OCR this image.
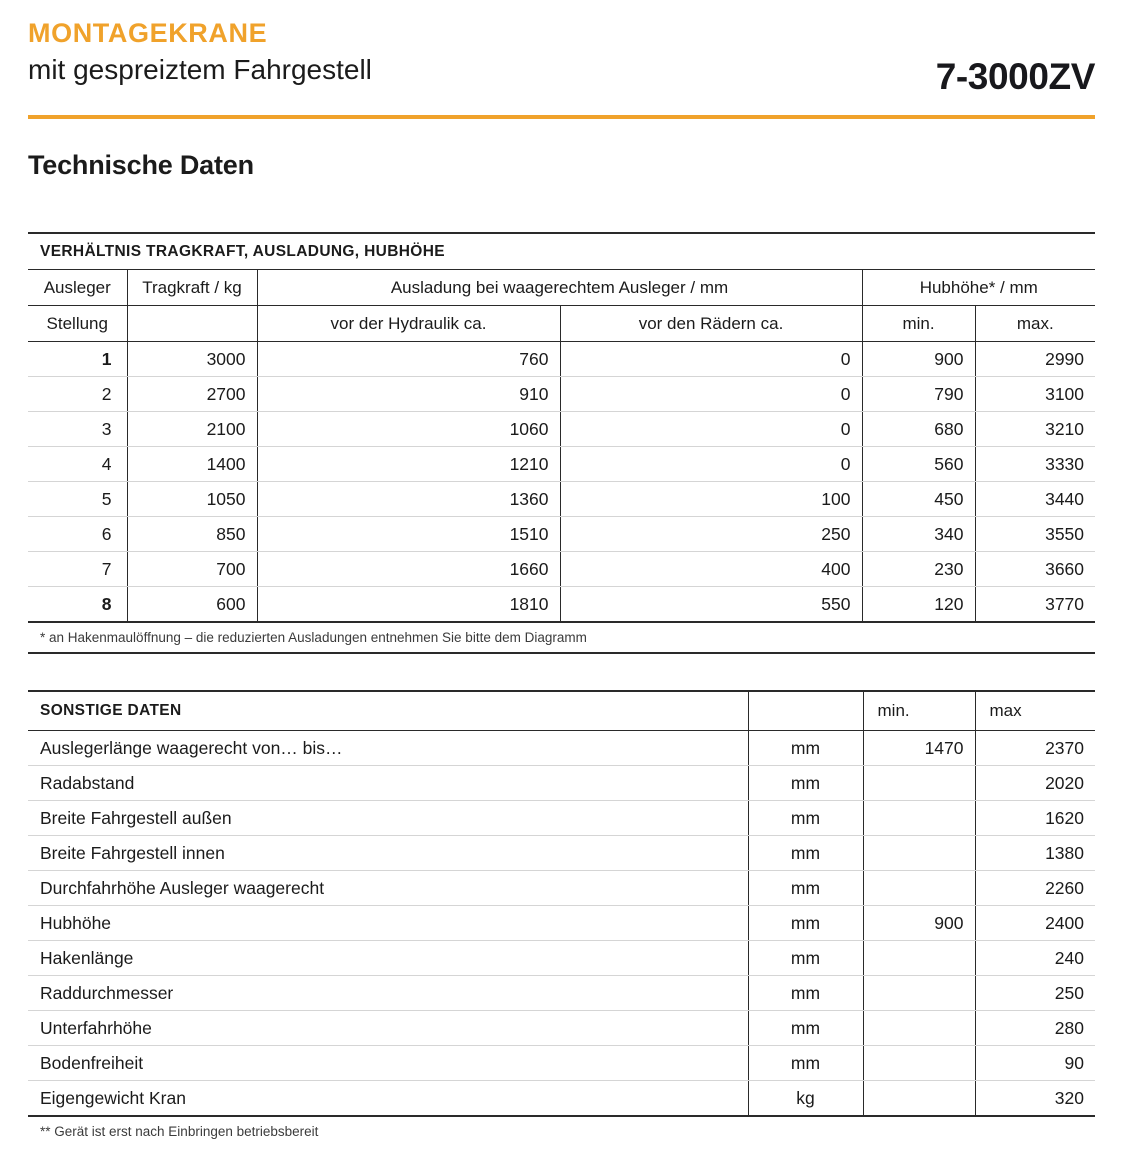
MONTAGEKRANE
mit gespreiztem Fahrgestell	7-3000ZV
Technische Daten
VERHÄLTNIS TRAGKRAFT, AUSLADUNG, HUBHÖHE					
Ausleger	Tragkraft / kg	Ausladung bei waagerechtem Ausleger / mm		Hubhöhe* / mm	
Stellung		vor der Hydraulik ca.	vor den Rädern ca.	min.	max.
1	3000	760	0	900	2990
2	2700	910	0	790	3100
3	2100	1060	0	680	3210
4	1400	1210	0	560	3330
5	1050	1360	100	450	3440
6	850	1510	250	340	3550
7	700	1660	400	230	3660
8	600	1810	550	120	3770
* an Hakenmaulöffnung – die reduzierten Ausladungen entnehmen Sie bitte dem Diagramm
SONSTIGE DATEN		min.	max
Auslegerlänge waagerecht von… bis…	mm	1470	2370
Radabstand	mm		2020
Breite Fahrgestell außen	mm		1620
Breite Fahrgestell innen	mm		1380
Durchfahrhöhe Ausleger waagerecht	mm		2260
Hubhöhe	mm	900	2400
Hakenlänge	mm		240
Raddurchmesser	mm		250
Unterfahrhöhe	mm		280
Bodenfreiheit	mm		90
Eigengewicht Kran	kg		320
** Gerät ist erst nach Einbringen betriebsbereit
